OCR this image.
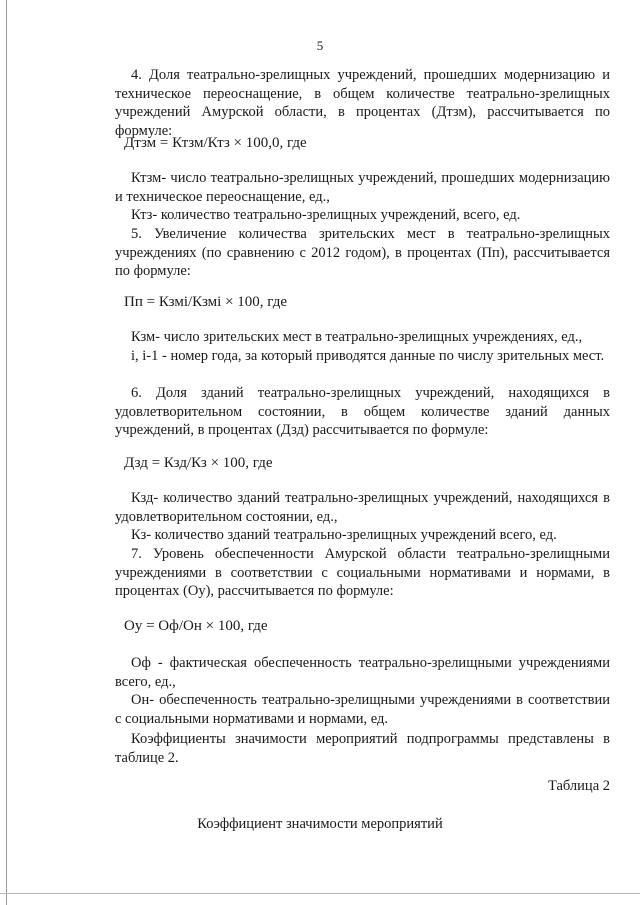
5

4. Доля театрально-зрелищных учреждений, прошедших модернизацию и техническое переоснащение, в общем количестве театрально-зрелищных учреждений Амурской области, в процентах (Дтзм), рассчитывается по формуле:

Дтзм = Ктзм/Ктз × 100,0, где

Ктзм- число театрально-зрелищных учреждений, прошедших модернизацию и техническое переоснащение, ед.,

Ктз- количество театрально-зрелищных учреждений, всего, ед.

5. Увеличение количества зрительских мест в театрально-зрелищных учреждениях (по сравнению с 2012 годом), в процентах (Пп), рассчитывается по формуле:

Пп = Кзмi/Кзмi × 100, где

Кзм- число зрительских мест в театрально-зрелищных учреждениях, ед.,

i, i-1 - номер года, за который приводятся данные по числу зрительных мест.

6. Доля зданий театрально-зрелищных учреждений, находящихся в удовлетворительном состоянии, в общем количестве зданий данных учреждений, в процентах (Дзд) рассчитывается по формуле:

Дзд = Кзд/Кз × 100, где

Кзд- количество зданий театрально-зрелищных учреждений, находящихся в удовлетворительном состоянии, ед.,

Кз- количество зданий театрально-зрелищных учреждений всего, ед.

7. Уровень обеспеченности Амурской области театрально-зрелищными учреждениями в соответствии с социальными нормативами и нормами, в процентах (Оу), рассчитывается по формуле:

Оу = Оф/Он × 100, где

Оф - фактическая обеспеченность театрально-зрелищными учреждениями всего, ед.,

Он- обеспеченность театрально-зрелищными учреждениями в соответствии с социальными нормативами и нормами, ед.

Коэффициенты значимости мероприятий подпрограммы представлены в таблице 2.

Таблица 2
Коэффициент значимости мероприятий
